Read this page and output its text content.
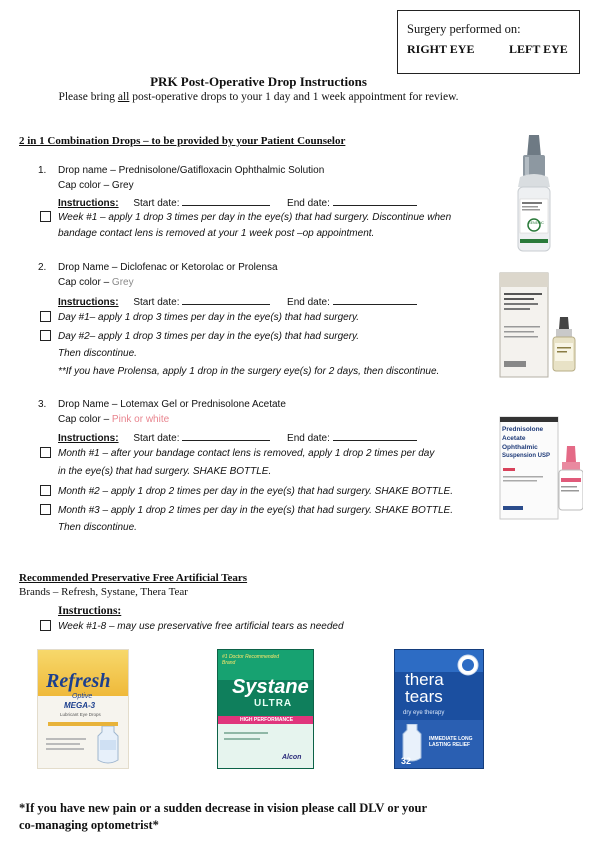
Surgery performed on:
RIGHT EYE	LEFT EYE
PRK Post-Operative Drop Instructions
Please bring all post-operative drops to your 1 day and 1 week appointment for review.
2 in 1 Combination Drops – to be provided by your Patient Counselor
1. Drop name – Prednisolone/Gatifloxacin Ophthalmic Solution
Cap color – Grey
Instructions: Start date:	End date:
Week #1 – apply 1 drop 3 times per day in the eye(s) that had surgery. Discontinue when
bandage contact lens is removed at your 1 week post –op appointment.
GENERIC
2. Drop Name – Diclofenac or Ketorolac or Prolensa
Cap color – Grey
Instructions: Start date:	End date:
Day #1– apply 1 drop 3 times per day in the eye(s) that had surgery.
Day #2– apply 1 drop 3 times per day in the eye(s) that had surgery.
Then discontinue.
**If you have Prolensa, apply 1 drop in the surgery eye(s) for 2 days, then discontinue.
3. Drop Name – Lotemax Gel or Prednisolone Acetate
Cap color – Pink or white
Instructions: Start date:	End date:
Month #1 – after your bandage contact lens is removed, apply 1 drop 2 times per day
in the eye(s) that had surgery. SHAKE BOTTLE.
Month #2 – apply 1 drop 2 times per day in the eye(s) that had surgery. SHAKE BOTTLE.
Month #3 – apply 1 drop 2 times per day in the eye(s) that had surgery. SHAKE BOTTLE.
Then discontinue.
Prednisolone
Acetate
Ophthalmic
Suspension USP
Recommended Preservative Free Artificial Tears
Brands – Refresh, Systane, Thera Tear
Instructions:
Week #1-8 – may use preservative free artificial tears as needed
Refresh
Optive
MEGA-3
Lubricant Eye Drops
#1 Doctor Recommended Brand
Systane
ULTRA
HIGH PERFORMANCE
Alcon
thera
tears
dry eye therapy
IMMEDIATE LONG LASTING RELIEF
32
*If you have new pain or a sudden decrease in vision please call DLV or your
co-managing optometrist*
